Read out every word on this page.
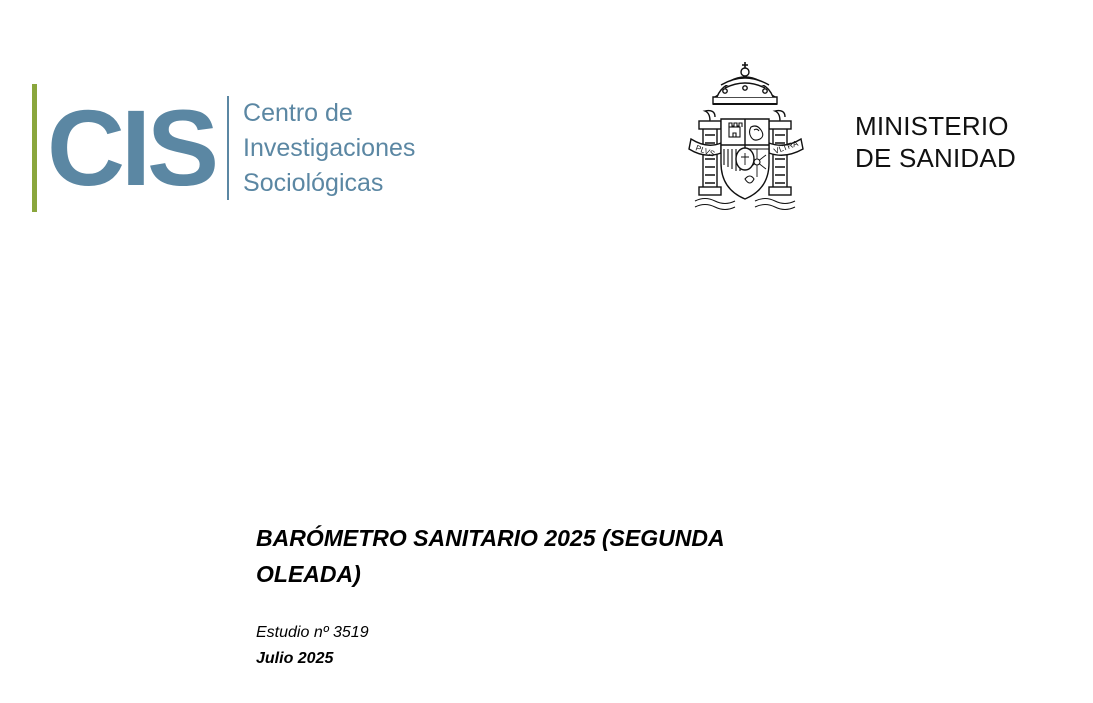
CIS	Centro de
Investigaciones
Sociológicas
PLVS	VLTRA
MINISTERIO
DE SANIDAD
BARÓMETRO SANITARIO 2025 (SEGUNDA OLEADA)

Estudio nº 3519

Julio 2025
